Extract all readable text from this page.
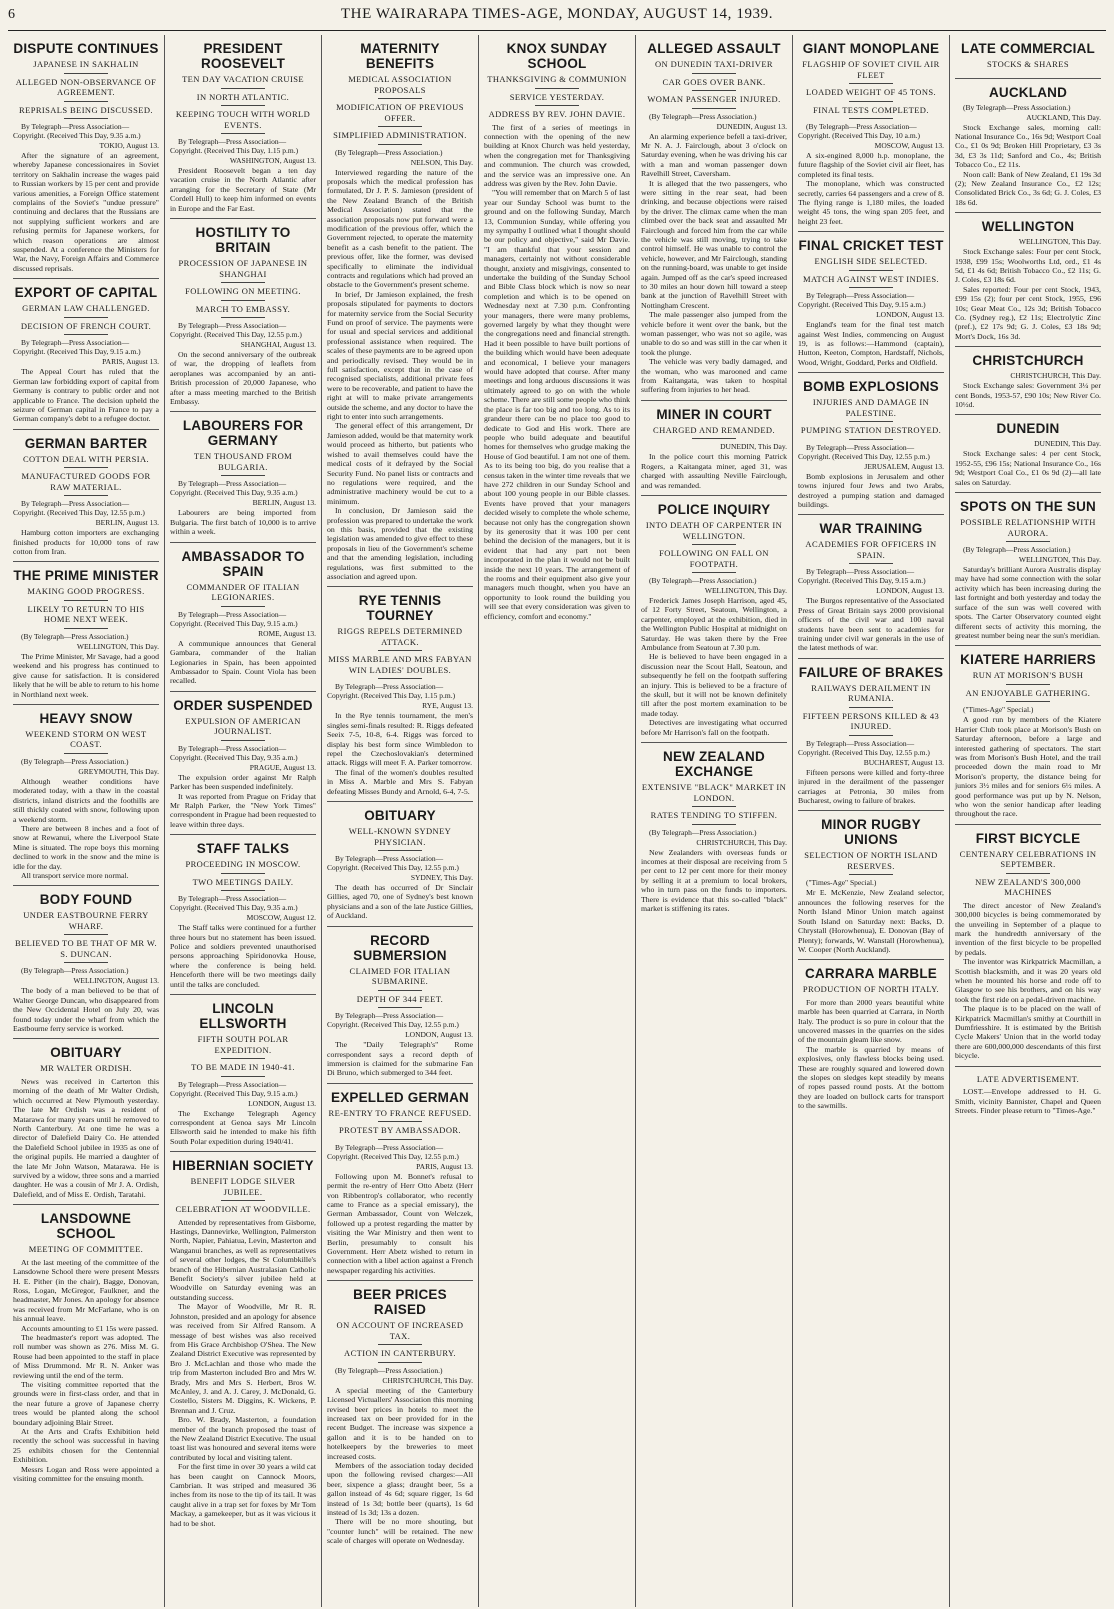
6	THE WAIRARAPA TIMES-AGE, MONDAY, AUGUST 14, 1939.
DISPUTE CONTINUES
JAPANESE IN SAKHALIN
ALLEGED NON-OBSERVANCE OF AGREEMENT.
REPRISALS BEING DISCUSSED.
By Telegraph—Press Association—Copyright. (Received This Day, 9.35 a.m.)
TOKIO, August 13.

After the signature of an agreement, whereby Japanese concessionaires in Soviet territory on Sakhalin increase the wages paid to Russian workers by 15 per cent and provide various amenities, a Foreign Office statement complains of the Soviet's "undue pressure" continuing and declares that the Russians are not supplying sufficient workers and are refusing permits for Japanese workers, for which reason operations are almost suspended. At a conference the Ministers for War, the Navy, Foreign Affairs and Commerce discussed reprisals.

EXPORT OF CAPITAL
GERMAN LAW CHALLENGED.
DECISION OF FRENCH COURT.
By Telegraph—Press Association—Copyright. (Received This Day, 9.15 a.m.)
PARIS, August 13.

The Appeal Court has ruled that the German law forbidding export of capital from Germany is contrary to public order and not applicable to France. The decision upheld the seizure of German capital in France to pay a German company's debt to a refugee doctor.

GERMAN BARTER
COTTON DEAL WITH PERSIA.
MANUFACTURED GOODS FOR RAW MATERIAL.
By Telegraph—Press Association—Copyright. (Received This Day, 12.55 p.m.)
BERLIN, August 13.

Hamburg cotton importers are exchanging finished products for 10,000 tons of raw cotton from Iran.

THE PRIME MINISTER
MAKING GOOD PROGRESS.
LIKELY TO RETURN TO HIS HOME NEXT WEEK.
(By Telegraph—Press Association.)
WELLINGTON, This Day.

The Prime Minister, Mr Savage, had a good weekend and his progress has continued to give cause for satisfaction. It is considered likely that he will be able to return to his home in Northland next week.

HEAVY SNOW
WEEKEND STORM ON WEST COAST.
(By Telegraph—Press Association.)
GREYMOUTH, This Day.

Although weather conditions have moderated today, with a thaw in the coastal districts, inland districts and the foothills are still thickly coated with snow, following upon a weekend storm.

There are between 8 inches and a foot of snow at Rewanui, where the Liverpool State Mine is situated. The rope boys this morning declined to work in the snow and the mine is idle for the day.

All transport service more normal.

BODY FOUND
UNDER EASTBOURNE FERRY WHARF.
BELIEVED TO BE THAT OF MR W. S. DUNCAN.
(By Telegraph—Press Association.)
WELLINGTON, August 13.

The body of a man believed to be that of Walter George Duncan, who disappeared from the New Occidental Hotel on July 20, was found today under the wharf from which the Eastbourne ferry service is worked.

OBITUARY
MR WALTER ORDISH.

News was received in Carterton this morning of the death of Mr Walter Ordish, which occurred at New Plymouth yesterday. The late Mr Ordish was a resident of Matarawa for many years until he removed to North Canterbury. At one time he was a director of Dalefield Dairy Co. He attended the Dalefield School jubilee in 1935 as one of the original pupils. He married a daughter of the late Mr John Watson, Matarawa. He is survived by a widow, three sons and a married daughter. He was a cousin of Mr J. A. Ordish, Dalefield, and of Miss E. Ordish, Taratahi.

LANSDOWNE SCHOOL
MEETING OF COMMITTEE.

At the last meeting of the committee of the Lansdowne School there were present Messrs H. E. Pither (in the chair), Bagge, Donovan, Ross, Logan, McGregor, Faulkner, and the headmaster, Mr Jones. An apology for absence was received from Mr McFarlane, who is on his annual leave.

Accounts amounting to £1 15s were passed.

The headmaster's report was adopted. The roll number was shown as 276. Miss M. G. Rouse had been appointed to the staff in place of Miss Drummond. Mr R. N. Anker was reviewing until the end of the term.

The visiting committee reported that the grounds were in first-class order, and that in the near future a grove of Japanese cherry trees would be planted along the school boundary adjoining Blair Street.

At the Arts and Crafts Exhibition held recently the school was successful in having 25 exhibits chosen for the Centennial Exhibition.

Messrs Logan and Ross were appointed a visiting committee for the ensuing month.

PRESIDENT ROOSEVELT
TEN DAY VACATION CRUISE
IN NORTH ATLANTIC.
KEEPING TOUCH WITH WORLD EVENTS.
By Telegraph—Press Association—Copyright. (Received This Day, 1.15 p.m.)
WASHINGTON, August 13.

President Roosevelt began a ten day vacation cruise in the North Atlantic after arranging for the Secretary of State (Mr Cordell Hull) to keep him informed on events in Europe and the Far East.

HOSTILITY TO BRITAIN
PROCESSION OF JAPANESE IN SHANGHAI
FOLLOWING ON MEETING.
MARCH TO EMBASSY.
By Telegraph—Press Association—Copyright. (Received This Day, 12.55 p.m.)
SHANGHAI, August 13.

On the second anniversary of the outbreak of war, the dropping of leaflets from aeroplanes was accompanied by an anti-British procession of 20,000 Japanese, who after a mass meeting marched to the British Embassy.

LABOURERS FOR GERMANY
TEN THOUSAND FROM BULGARIA.
By Telegraph—Press Association—Copyright. (Received This Day, 9.35 a.m.)
BERLIN, August 13.

Labourers are being imported from Bulgaria. The first batch of 10,000 is to arrive within a week.

AMBASSADOR TO SPAIN
COMMANDER OF ITALIAN LEGIONARIES.
By Telegraph—Press Association—Copyright. (Received This Day, 9.15 a.m.)
ROME, August 13.

A communique announces that General Gambara, commander of the Italian Legionaries in Spain, has been appointed Ambassador to Spain. Count Viola has been recalled.

ORDER SUSPENDED
EXPULSION OF AMERICAN JOURNALIST.
By Telegraph—Press Association—Copyright. (Received This Day, 9.35 a.m.)
PRAGUE, August 13.

The expulsion order against Mr Ralph Parker has been suspended indefinitely.

It was reported from Prague on Friday that Mr Ralph Parker, the "New York Times" correspondent in Prague had been requested to leave within three days.

STAFF TALKS
PROCEEDING IN MOSCOW.
TWO MEETINGS DAILY.
By Telegraph—Press Association—Copyright. (Received This Day, 9.35 a.m.)
MOSCOW, August 12.

The Staff talks were continued for a further three hours but no statement has been issued. Police and soldiers prevented unauthorised persons approaching Spiridonovka House, where the conference is being held. Henceforth there will be two meetings daily until the talks are concluded.

LINCOLN ELLSWORTH
FIFTH SOUTH POLAR EXPEDITION.
TO BE MADE IN 1940-41.
By Telegraph—Press Association—Copyright. (Received This Day, 9.15 a.m.)
LONDON, August 13.

The Exchange Telegraph Agency correspondent at Genoa says Mr Lincoln Ellsworth said he intended to make his fifth South Polar expedition during 1940/41.

HIBERNIAN SOCIETY
BENEFIT LODGE SILVER JUBILEE.
CELEBRATION AT WOODVILLE.

Attended by representatives from Gisborne, Hastings, Dannevirke, Wellington, Palmerston North, Napier, Pahiatua, Levin, Masterton and Wanganui branches, as well as representatives of several other lodges, the St Columbkille's branch of the Hibernian Australasian Catholic Benefit Society's silver jubilee held at Woodville on Saturday evening was an outstanding success.

The Mayor of Woodville, Mr R. R. Johnston, presided and an apology for absence was received from Sir Alfred Ransom. A message of best wishes was also received from His Grace Archbishop O'Shea. The New Zealand District Executive was represented by Bro J. McLachlan and those who made the trip from Masterton included Bro and Mrs W. Brady, Mrs and Mrs S. Herbert, Bros W. McAnley, J. and A. J. Carey, J. McDonald, G. Costello, Sisters M. Diggins, K. Wickens, P. Brennan and J. Cruz.

Bro. W. Brady, Masterton, a foundation member of the branch proposed the toast of the New Zealand District Executive. The usual toast list was honoured and several items were contributed by local and visiting talent.

For the first time in over 30 years a wild cat has been caught on Cannock Moors, Cambrian. It was striped and measured 36 inches from its nose to the tip of its tail. It was caught alive in a trap set for foxes by Mr Tom Mackay, a gamekeeper, but as it was vicious it had to be shot.

MATERNITY BENEFITS
MEDICAL ASSOCIATION PROPOSALS
MODIFICATION OF PREVIOUS OFFER.
SIMPLIFIED ADMINISTRATION.
(By Telegraph—Press Association.)
NELSON, This Day.

Interviewed regarding the nature of the proposals which the medical profession has formulated, Dr J. P. S. Jamieson (president of the New Zealand Branch of the British Medical Association) stated that the association proposals now put forward were a modification of the previous offer, which the Government rejected, to operate the maternity benefit as a cash benefit to the patient. The previous offer, like the former, was devised specifically to eliminate the individual contracts and regulations which had proved an obstacle to the Government's present scheme.

In brief, Dr Jamieson explained, the fresh proposals stipulated for payments to doctors for maternity service from the Social Security Fund on proof of service. The payments were for usual and special services and additional professional assistance when required. The scales of these payments are to be agreed upon and periodically revised. They would be in full satisfaction, except that in the case of recognised specialists, additional private fees were to be recoverable, and patient to have the right at will to make private arrangements outside the scheme, and any doctor to have the right to enter into such arrangements.

The general effect of this arrangement, Dr Jamieson added, would be that maternity work would proceed as hitherto, but patients who wished to avail themselves could have the medical costs of it defrayed by the Social Security Fund. No panel lists or contracts and no regulations were required, and the administrative machinery would be cut to a minimum.

In conclusion, Dr Jamieson said the profession was prepared to undertake the work on this basis, provided that the existing legislation was amended to give effect to these proposals in lieu of the Government's scheme and that the amending legislation, including regulations, was first submitted to the association and agreed upon.

RYE TENNIS TOURNEY
RIGGS REPELS DETERMINED ATTACK.
MISS MARBLE AND MRS FABYAN WIN LADIES' DOUBLES.
By Telegraph—Press Association—Copyright. (Received This Day, 1.15 p.m.)
RYE, August 13.

In the Rye tennis tournament, the men's singles semi-finals resulted: R. Riggs defeated Seeix 7-5, 10-8, 6-4. Riggs was forced to display his best form since Wimbledon to repel the Czechoslovakian's determined attack. Riggs will meet F. A. Parker tomorrow.

The final of the women's doubles resulted in Miss A. Marble and Mrs S. Fabyan defeating Misses Bundy and Arnold, 6-4, 7-5.

OBITUARY
WELL-KNOWN SYDNEY PHYSICIAN.
By Telegraph—Press Association—Copyright. (Received This Day, 12.55 p.m.)
SYDNEY, This Day.

The death has occurred of Dr Sinclair Gillies, aged 70, one of Sydney's best known physicians and a son of the late Justice Gillies, of Auckland.

RECORD SUBMERSION
CLAIMED FOR ITALIAN SUBMARINE.
DEPTH OF 344 FEET.
By Telegraph—Press Association—Copyright. (Received This Day, 12.55 p.m.)
LONDON, August 13.

The "Daily Telegraph's" Rome correspondent says a record depth of immersion is claimed for the submarine Fan Di Bruno, which submerged to 344 feet.

EXPELLED GERMAN
RE-ENTRY TO FRANCE REFUSED.
PROTEST BY AMBASSADOR.
By Telegraph—Press Association—Copyright. (Received This Day, 12.55 p.m.)
PARIS, August 13.

Following upon M. Bonnet's refusal to permit the re-entry of Herr Otto Abetz (Herr von Ribbentrop's collaborator, who recently came to France as a special emissary), the German Ambassador, Count von Welczek, followed up a protest regarding the matter by visiting the War Ministry and then went to Berlin, presumably to consult his Government. Herr Abetz wished to return in connection with a libel action against a French newspaper regarding his activities.

BEER PRICES RAISED
ON ACCOUNT OF INCREASED TAX.
ACTION IN CANTERBURY.
(By Telegraph—Press Association.)
CHRISTCHURCH, This Day.

A special meeting of the Canterbury Licensed Victuallers' Association this morning revised beer prices in hotels to meet the increased tax on beer provided for in the recent Budget. The increase was sixpence a gallon and it is to be handed on to hotelkeepers by the breweries to meet increased costs.

Members of the association today decided upon the following revised charges:—All beer, sixpence a glass; draught beer, 5s a gallon instead of 4s 6d; square rigger, 1s 6d instead of 1s 3d; bottle beer (quarts), 1s 6d instead of 1s 3d; 13s a dozen.

There will be no more shouting, but "counter lunch" will be retained. The new scale of charges will operate on Wednesday.

KNOX SUNDAY SCHOOL
THANKSGIVING & COMMUNION
SERVICE YESTERDAY.
ADDRESS BY REV. JOHN DAVIE.

The first of a series of meetings in connection with the opening of the new building at Knox Church was held yesterday, when the congregation met for Thanksgiving and communion. The church was crowded, and the service was an impressive one. An address was given by the Rev. John Davie.

"You will remember that on March 5 of last year our Sunday School was burnt to the ground and on the following Sunday, March 13, Communion Sunday, while offering you my sympathy I outlined what I thought should be our policy and objective," said Mr Davie. "I am thankful that your session and managers, certainly not without considerable thought, anxiety and misgivings, consented to undertake the building of the Sunday School and Bible Class block which is now so near completion and which is to be opened on Wednesday next at 7.30 p.m. Confronting your managers, there were many problems, governed largely by what they thought were the congregations need and financial strength. Had it been possible to have built portions of the building which would have been adequate and economical, I believe your managers would have adopted that course. After many meetings and long arduous discussions it was ultimately agreed to go on with the whole scheme. There are still some people who think the place is far too big and too long. As to its grandeur there can be no place too good to dedicate to God and His work. There are people who build adequate and beautiful homes for themselves who grudge making the House of God beautiful. I am not one of them. As to its being too big, do you realise that a census taken in the winter time reveals that we have 272 children in our Sunday School and about 100 young people in our Bible classes. Events have proved that your managers decided wisely to complete the whole scheme, because not only has the congregation shown by its generosity that it was 100 per cent behind the decision of the managers, but it is evident that had any part not been incorporated in the plan it would not be built inside the next 10 years. The arrangement of the rooms and their equipment also give your managers much thought, when you have an opportunity to look round the building you will see that every consideration was given to efficiency, comfort and economy."

ALLEGED ASSAULT
ON DUNEDIN TAXI-DRIVER
CAR GOES OVER BANK.
WOMAN PASSENGER INJURED.
(By Telegraph—Press Association.)
DUNEDIN, August 13.

An alarming experience befell a taxi-driver, Mr N. A. J. Fairclough, about 3 o'clock on Saturday evening, when he was driving his car with a man and woman passenger down Ravelhill Street, Caversham.

It is alleged that the two passengers, who were sitting in the rear seat, had been drinking, and because objections were raised by the driver. The climax came when the man climbed over the back seat and assaulted Mr Fairclough and forced him from the car while the vehicle was still moving, trying to take control himself. He was unable to control the vehicle, however, and Mr Fairclough, standing on the running-board, was unable to get inside again. Jumped off as the car's speed increased to 30 miles an hour down hill toward a steep bank at the junction of Ravelhill Street with Nottingham Crescent.

The male passenger also jumped from the vehicle before it went over the bank, but the woman passenger, who was not so agile, was unable to do so and was still in the car when it took the plunge.

The vehicle was very badly damaged, and the woman, who was marooned and came from Kaitangata, was taken to hospital suffering from injuries to her head.

MINER IN COURT
CHARGED AND REMANDED.
DUNEDIN, This Day.

In the police court this morning Patrick Rogers, a Kaitangata miner, aged 31, was charged with assaulting Neville Fairclough, and was remanded.

POLICE INQUIRY
INTO DEATH OF CARPENTER IN WELLINGTON.
FOLLOWING ON FALL ON FOOTPATH.
(By Telegraph—Press Association.)
WELLINGTON, This Day.

Frederick James Joseph Harrison, aged 45, of 12 Forty Street, Seatoun, Wellington, a carpenter, employed at the exhibition, died in the Wellington Public Hospital at midnight on Saturday. He was taken there by the Free Ambulance from Seatoun at 7.30 p.m.

He is believed to have been engaged in a discussion near the Scout Hall, Seatoun, and subsequently he fell on the footpath suffering an injury. This is believed to be a fracture of the skull, but it will not be known definitely till after the post mortem examination to be made today.

Detectives are investigating what occurred before Mr Harrison's fall on the footpath.

NEW ZEALAND EXCHANGE
EXTENSIVE "BLACK" MARKET IN LONDON.
RATES TENDING TO STIFFEN.
(By Telegraph—Press Association.)
CHRISTCHURCH, This Day.

New Zealanders with overseas funds or incomes at their disposal are receiving from 5 per cent to 12 per cent more for their money by selling it at a premium to local brokers, who in turn pass on the funds to importers. There is evidence that this so-called "black" market is stiffening its rates.

GIANT MONOPLANE
FLAGSHIP OF SOVIET CIVIL AIR FLEET
LOADED WEIGHT OF 45 TONS.
FINAL TESTS COMPLETED.
(By Telegraph—Press Association—Copyright. (Received This Day, 10 a.m.)
MOSCOW, August 13.

A six-engined 8,000 h.p. monoplane, the future flagship of the Soviet civil air fleet, has completed its final tests.

The monoplane, which was constructed secretly, carries 64 passengers and a crew of 8. The flying range is 1,180 miles, the loaded weight 45 tons, the wing span 205 feet, and height 23 feet.

FINAL CRICKET TEST
ENGLISH SIDE SELECTED.
MATCH AGAINST WEST INDIES.
By Telegraph—Press Association—Copyright. (Received This Day, 9.15 a.m.)
LONDON, August 13.

England's team for the final test match against West Indies, commencing on August 19, is as follows:—Hammond (captain), Hutton, Keeton, Compton, Hardstaff, Nichols, Wood, Wright, Goddard, Perks and Oldfield.

BOMB EXPLOSIONS
INJURIES AND DAMAGE IN PALESTINE.
PUMPING STATION DESTROYED.
By Telegraph—Press Association—Copyright. (Received This Day, 12.55 p.m.)
JERUSALEM, August 13.

Bomb explosions in Jerusalem and other towns injured four Jews and two Arabs, destroyed a pumping station and damaged buildings.

WAR TRAINING
ACADEMIES FOR OFFICERS IN SPAIN.
By Telegraph—Press Association—Copyright. (Received This Day, 9.15 a.m.)
LONDON, August 13.

The Burgos representative of the Associated Press of Great Britain says 2000 provisional officers of the civil war and 100 naval students have been sent to academies for training under civil war generals in the use of the latest methods of war.

FAILURE OF BRAKES
RAILWAYS DERAILMENT IN RUMANIA.
FIFTEEN PERSONS KILLED & 43 INJURED.
By Telegraph—Press Association—Copyright. (Received This Day, 12.55 p.m.)
BUCHAREST, August 13.

Fifteen persons were killed and forty-three injured in the derailment of the passenger carriages at Petronia, 30 miles from Bucharest, owing to failure of brakes.

MINOR RUGBY UNIONS
SELECTION OF NORTH ISLAND RESERVES.
("Times-Age" Special.)

Mr E. McKenzie, New Zealand selector, announces the following reserves for the North Island Minor Union match against South Island on Saturday next: Backs, D. Chrystall (Horowhenua), E. Donovan (Bay of Plenty); forwards, W. Wanstall (Horowhenua), W. Cooper (North Auckland).

CARRARA MARBLE
PRODUCTION OF NORTH ITALY.

For more than 2000 years beautiful white marble has been quarried at Carrara, in North Italy. The product is so pure in colour that the uncovered masses in the quarries on the sides of the mountain gleam like snow.

The marble is quarried by means of explosives, only flawless blocks being used. These are roughly squared and lowered down the slopes on sledges kept steadily by means of ropes passed round posts. At the bottom they are loaded on bullock carts for transport to the sawmills.

LATE COMMERCIAL
STOCKS & SHARES
AUCKLAND
(By Telegraph—Press Association.)
AUCKLAND, This Day.

Stock Exchange sales, morning call: National Insurance Co., 16s 9d; Westport Coal Co., £1 0s 9d; Broken Hill Proprietary, £3 3s 3d, £3 3s 11d; Sanford and Co., 4s; British Tobacco Co., £2 11s.

Noon call: Bank of New Zealand, £1 19s 3d (2); New Zealand Insurance Co., £2 12s; Consolidated Brick Co., 3s 6d; G. J. Coles, £3 18s 6d.

WELLINGTON
WELLINGTON, This Day.

Stock Exchange sales: Four per cent Stock, 1938, £99 15s; Woolworths Ltd, ord., £1 4s 5d, £1 4s 6d; British Tobacco Co., £2 11s; G. J. Coles, £3 18s 6d.

Sales reported: Four per cent Stock, 1943, £99 15s (2); four per cent Stock, 1955, £96 10s; Gear Meat Co., 12s 3d; British Tobacco Co. (Sydney reg.), £2 11s; Electrolytic Zinc (pref.), £2 17s 9d; G. J. Coles, £3 18s 9d; Mort's Dock, 16s 3d.

CHRISTCHURCH
CHRISTCHURCH, This Day.

Stock Exchange sales: Government 3¼ per cent Bonds, 1953-57, £90 10s; New River Co. 10½d.

DUNEDIN
DUNEDIN, This Day.

Stock Exchange sales: 4 per cent Stock, 1952-55, £96 15s; National Insurance Co., 16s 9d; Westport Coal Co., £1 0s 9d (2)—all late sales on Saturday.

SPOTS ON THE SUN
POSSIBLE RELATIONSHIP WITH AURORA.
(By Telegraph—Press Association.)
WELLINGTON, This Day.

Saturday's brilliant Aurora Australis display may have had some connection with the solar activity which has been increasing during the last fortnight and both yesterday and today the surface of the sun was well covered with spots. The Carter Observatory counted eight different sects of activity this morning, the greatest number being near the sun's meridian.

KIATERE HARRIERS
RUN AT MORISON'S BUSH
AN ENJOYABLE GATHERING.
("Times-Age" Special.)

A good run by members of the Kiatere Harrier Club took place at Morison's Bush on Saturday afternoon, before a large and interested gathering of spectators. The start was from Morison's Bush Hotel, and the trail proceeded down the main road to Mr Morison's property, the distance being for juniors 3½ miles and for seniors 6½ miles. A good performance was put up by N. Nelson, who won the senior handicap after leading throughout the race.

FIRST BICYCLE
CENTENARY CELEBRATIONS IN SEPTEMBER.
NEW ZEALAND'S 300,000 MACHINES

The direct ancestor of New Zealand's 300,000 bicycles is being commemorated by the unveiling in September of a plaque to mark the hundredth anniversary of the invention of the first bicycle to be propelled by pedals.

The inventor was Kirkpatrick Macmillan, a Scottish blacksmith, and it was 20 years old when he mounted his horse and rode off to Glasgow to see his brothers, and on his way took the first ride on a pedal-driven machine.

The plaque is to be placed on the wall of Kirkpatrick Macmillan's smithy at Courthill in Dumfriesshire. It is estimated by the British Cycle Makers' Union that in the world today there are 600,000,000 descendants of this first bicycle.

LATE ADVERTISEMENT.

LOST.—Envelope addressed to H. G. Smith, vicinity Bannister, Chapel and Queen Streets. Finder please return to "Times-Age."
